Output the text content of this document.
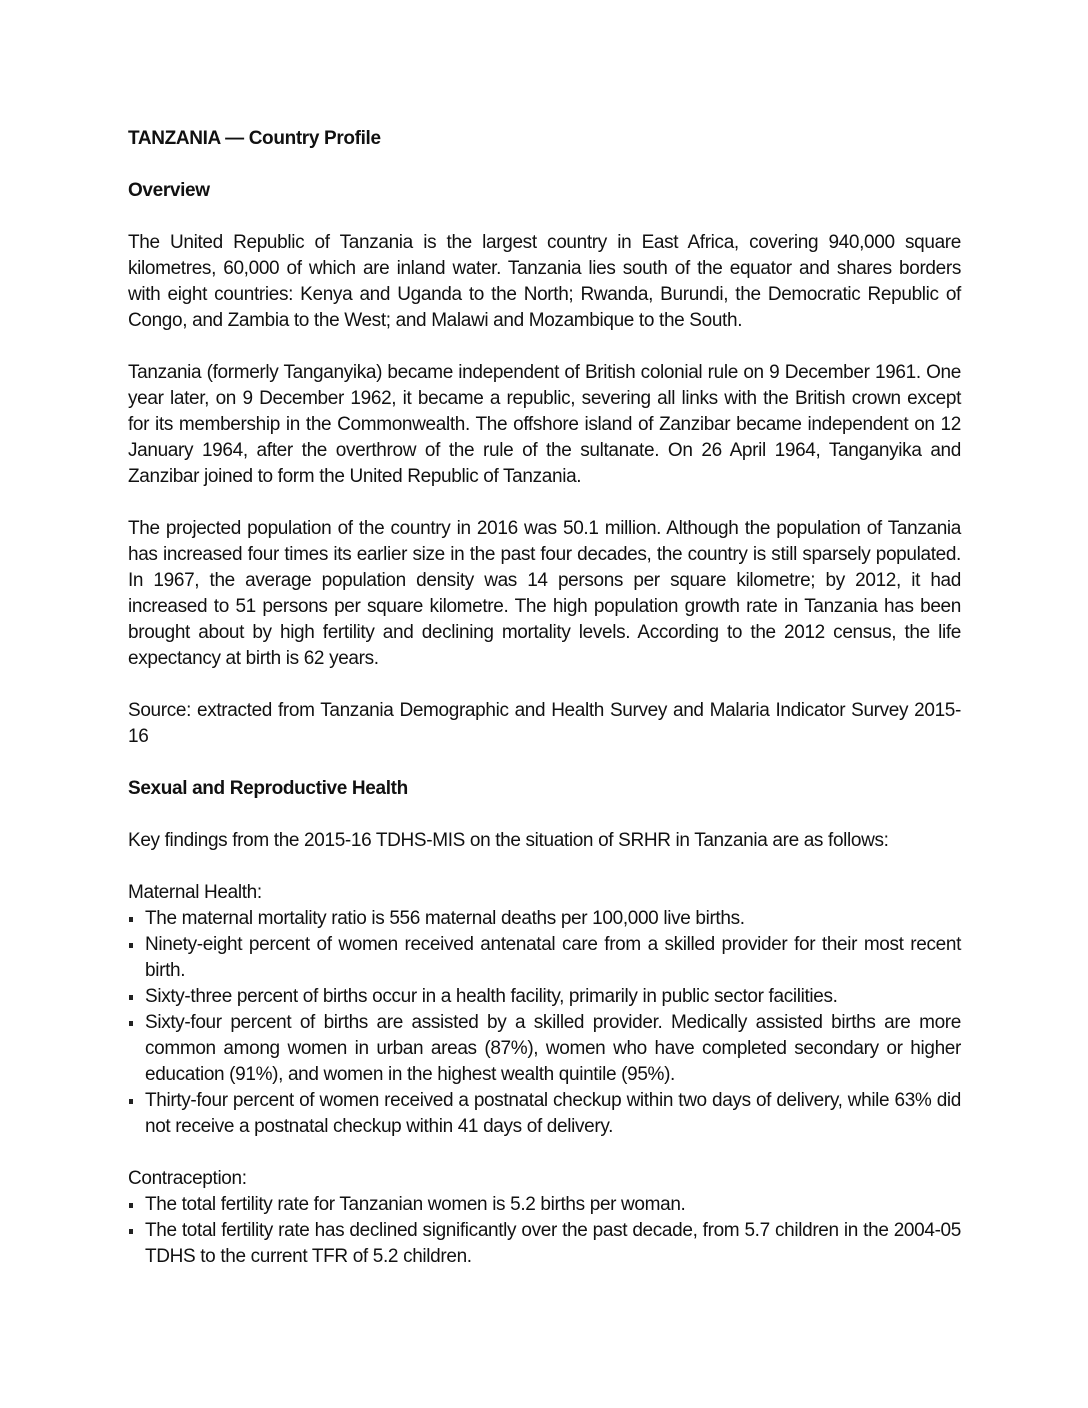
TANZANIA — Country Profile
Overview

The United Republic of Tanzania is the largest country in East Africa, covering 940,000 square kilometres, 60,000 of which are inland water. Tanzania lies south of the equator and shares borders with eight countries: Kenya and Uganda to the North; Rwanda, Burundi, the Democratic Republic of Congo, and Zambia to the West; and Malawi and Mozambique to the South.

Tanzania (formerly Tanganyika) became independent of British colonial rule on 9 December 1961. One year later, on 9 December 1962, it became a republic, severing all links with the British crown except for its membership in the Commonwealth. The offshore island of Zanzibar became independent on 12 January 1964, after the overthrow of the rule of the sultanate. On 26 April 1964, Tanganyika and Zanzibar joined to form the United Republic of Tanzania.

The projected population of the country in 2016 was 50.1 million. Although the population of Tanzania has increased four times its earlier size in the past four decades, the country is still sparsely populated. In 1967, the average population density was 14 persons per square kilometre; by 2012, it had increased to 51 persons per square kilometre. The high population growth rate in Tanzania has been brought about by high fertility and declining mortality levels. According to the 2012 census, the life expectancy at birth is 62 years.

Source: extracted from Tanzania Demographic and Health Survey and Malaria Indicator Survey 2015-16

Sexual and Reproductive Health

Key findings from the 2015-16 TDHS-MIS on the situation of SRHR in Tanzania are as follows:

Maternal Health:
The maternal mortality ratio is 556 maternal deaths per 100,000 live births.
Ninety-eight percent of women received antenatal care from a skilled provider for their most recent birth.
Sixty-three percent of births occur in a health facility, primarily in public sector facilities.
Sixty-four percent of births are assisted by a skilled provider. Medically assisted births are more common among women in urban areas (87%), women who have completed secondary or higher education (91%), and women in the highest wealth quintile (95%).
Thirty-four percent of women received a postnatal checkup within two days of delivery, while 63% did not receive a postnatal checkup within 41 days of delivery.
Contraception:
The total fertility rate for Tanzanian women is 5.2 births per woman.
The total fertility rate has declined significantly over the past decade, from 5.7 children in the 2004-05 TDHS to the current TFR of 5.2 children.
